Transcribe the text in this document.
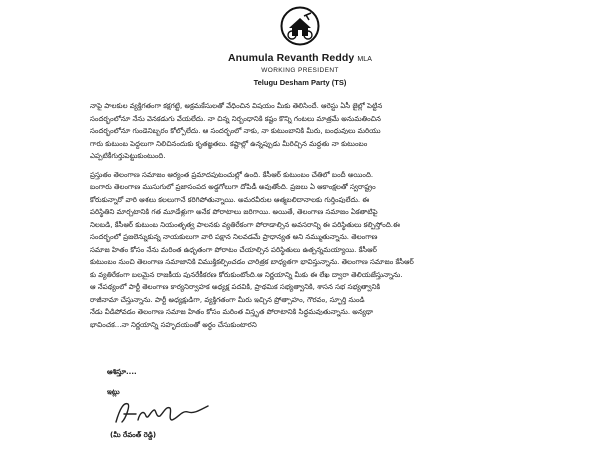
Anumula Revanth Reddy MLA
WORKING PRESIDENT
Telugu Desham Party (TS)
నాపై పాలకుల వ్యక్తిగతంగా కక్షగట్టి, అక్రమకేసులతో వేధించిన విషయం మీకు తెలిసిందే. ఆరెస్టు ఏసీ జైల్లో పెట్టిన
సందర్భంలోనూ నేను వెనకడుగు వేయలేదు. నా చిన్న నిర్బంధానికి కష్టం కొన్ని గంటలు మాత్రమే అనుమతించిన
సందర్భంలోనూ గుండెనిబ్బరం కోల్పోలేదు. ఆ సందర్భంలో నాకు, నా కుటుంబానికి మీరు, బంధువులు మరియు
గారు కుటుంబ పెద్దలుగా నిలిచినందుకు కృతజ్ఞతలు. కష్టాల్లో ఉన్నప్పుడు మీరిచ్చిన మద్దతు నా కుటుంబం
ఎప్పటికీగుర్తుపెట్టుకుంటుంది.
ప్రస్తుతం తెలంగాణ సమాజం ఆర్యంత ప్రమాదపుటంచుల్లో ఉంది. కేసీఆర్ కుటుంబం చేతిలో బందీ అయింది.
బంగారు తెలంగాణ ముసుగులో ప్రజాసంపద అడ్డగోలుగా దోపిడీ అవుతోంది. ప్రజలు ఏ ఆకాంక్షలతో స్వరాష్ట్రం
కోరుకున్నారో వారి ఆశలు కలలుగానే కరిగిపోతున్నాయి. అమరవీరుల ఆత్మబలిదానాలకు గుర్తింపులేదు. ఈ
పరిస్థితిని మార్చటానికి గత మూడేళ్లుగా అనేక పోరాటాలు జరిగాయి. అయితే, తెలంగాణ సమాజం ఏకతాటిపై
నిలబడి, కేసీఆర్ కుటుంబ నియంతృత్వ పాలనకు వ్యతిరేకంగా పోరాడాల్సిన అవసరాన్ని ఈ పరిస్థితులు కల్పిస్తోంది.ఈ
సందర్భంలో ప్రజలెన్నుకున్న నాయకులుగా వారి పక్షాన నిలవడమే ప్రాధాన్యత అని నమ్ముతున్నాను. తెలంగాణ
సమాజ హితం కోసం నేను మరింత ఉధృతంగా పోరాటం చేయాల్సిన పరిస్థితులు ఉత్పన్నమయ్యాయి. కేసీఆర్
కుటుంబం నుంచి తెలంగాణ సమాజానికి విముక్తికల్పించడం చారిత్రక బాధ్యతగా భావిస్తున్నాను. తెలంగాణ సమాజం కేసీఆర్
కు వ్యతిరేకంగా బలమైన రాజకీయ పునరేకీకరణ కోరుకుంటోంది.ఆ నిర్ణయాన్ని మీకు ఈ లేఖ ద్వారా తెలియజేస్తున్నాను.
ఆ నేపథ్యంలో పార్టీ తెలంగాణ కార్యనిర్వాహక అధ్యక్ష పదవికి, ప్రాథమిక సభ్యత్వానికి, శాసన సభ సభ్యత్వానికి
రాజీనామా చేస్తున్నాను. పార్టీ అధ్యక్షుడిగా, వ్యక్తిగతంగా మీరు ఇచ్చిన ప్రోత్సాహం, గౌరవం, స్ఫూర్తి నుండి
నేడు వీడిపోవడం తెలంగాణ సమాజ హితం కోసం మరింత విస్తృత పోరాటానికి సిద్ధమవుతున్నాను. అన్యథా
భావించక...నా నిర్ణయాన్ని సహృదయంతో అర్థం చేసుకుంటారని
ఆశిస్తూ....
ఇట్లు
(మీ రేవంత్ రెడ్డి)
